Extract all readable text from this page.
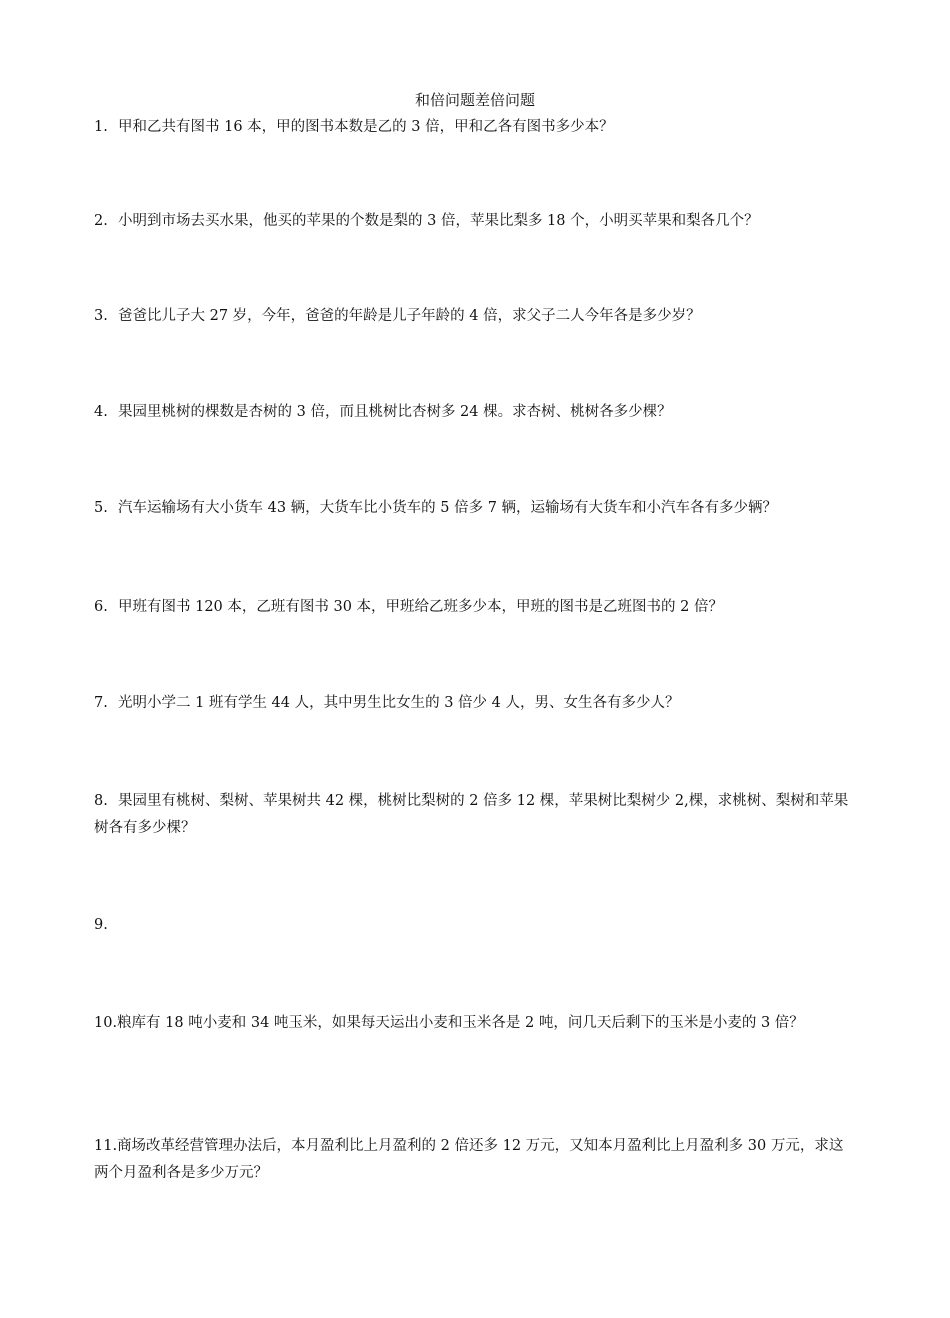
和倍问题差倍问题
1. 甲和乙共有图书 16 本，甲的图书本数是乙的 3 倍，甲和乙各有图书多少本？
2. 小明到市场去买水果，他买的苹果的个数是梨的 3 倍，苹果比梨多 18 个，小明买苹果和梨各几个？
3. 爸爸比儿子大 27 岁，今年，爸爸的年龄是儿子年龄的 4 倍，求父子二人今年各是多少岁？
4. 果园里桃树的棵数是杏树的 3 倍，而且桃树比杏树多 24 棵。求杏树、桃树各多少棵？
5. 汽车运输场有大小货车 43 辆，大货车比小货车的 5 倍多 7 辆，运输场有大货车和小汽车各有多少辆？
6. 甲班有图书 120 本，乙班有图书 30 本，甲班给乙班多少本，甲班的图书是乙班图书的 2 倍？
7. 光明小学二 1 班有学生 44 人，其中男生比女生的 3 倍少 4 人，男、女生各有多少人？
8. 果园里有桃树、梨树、苹果树共 42 棵，桃树比梨树的 2 倍多 12 棵，苹果树比梨树少 2,棵，求桃树、梨树和苹果树各有多少棵？
9.
10.粮库有 18 吨小麦和 34 吨玉米，如果每天运出小麦和玉米各是 2 吨，问几天后剩下的玉米是小麦的 3 倍？
11.商场改革经营管理办法后，本月盈利比上月盈利的 2 倍还多 12 万元，又知本月盈利比上月盈利多 30 万元，求这两个月盈利各是多少万元？
